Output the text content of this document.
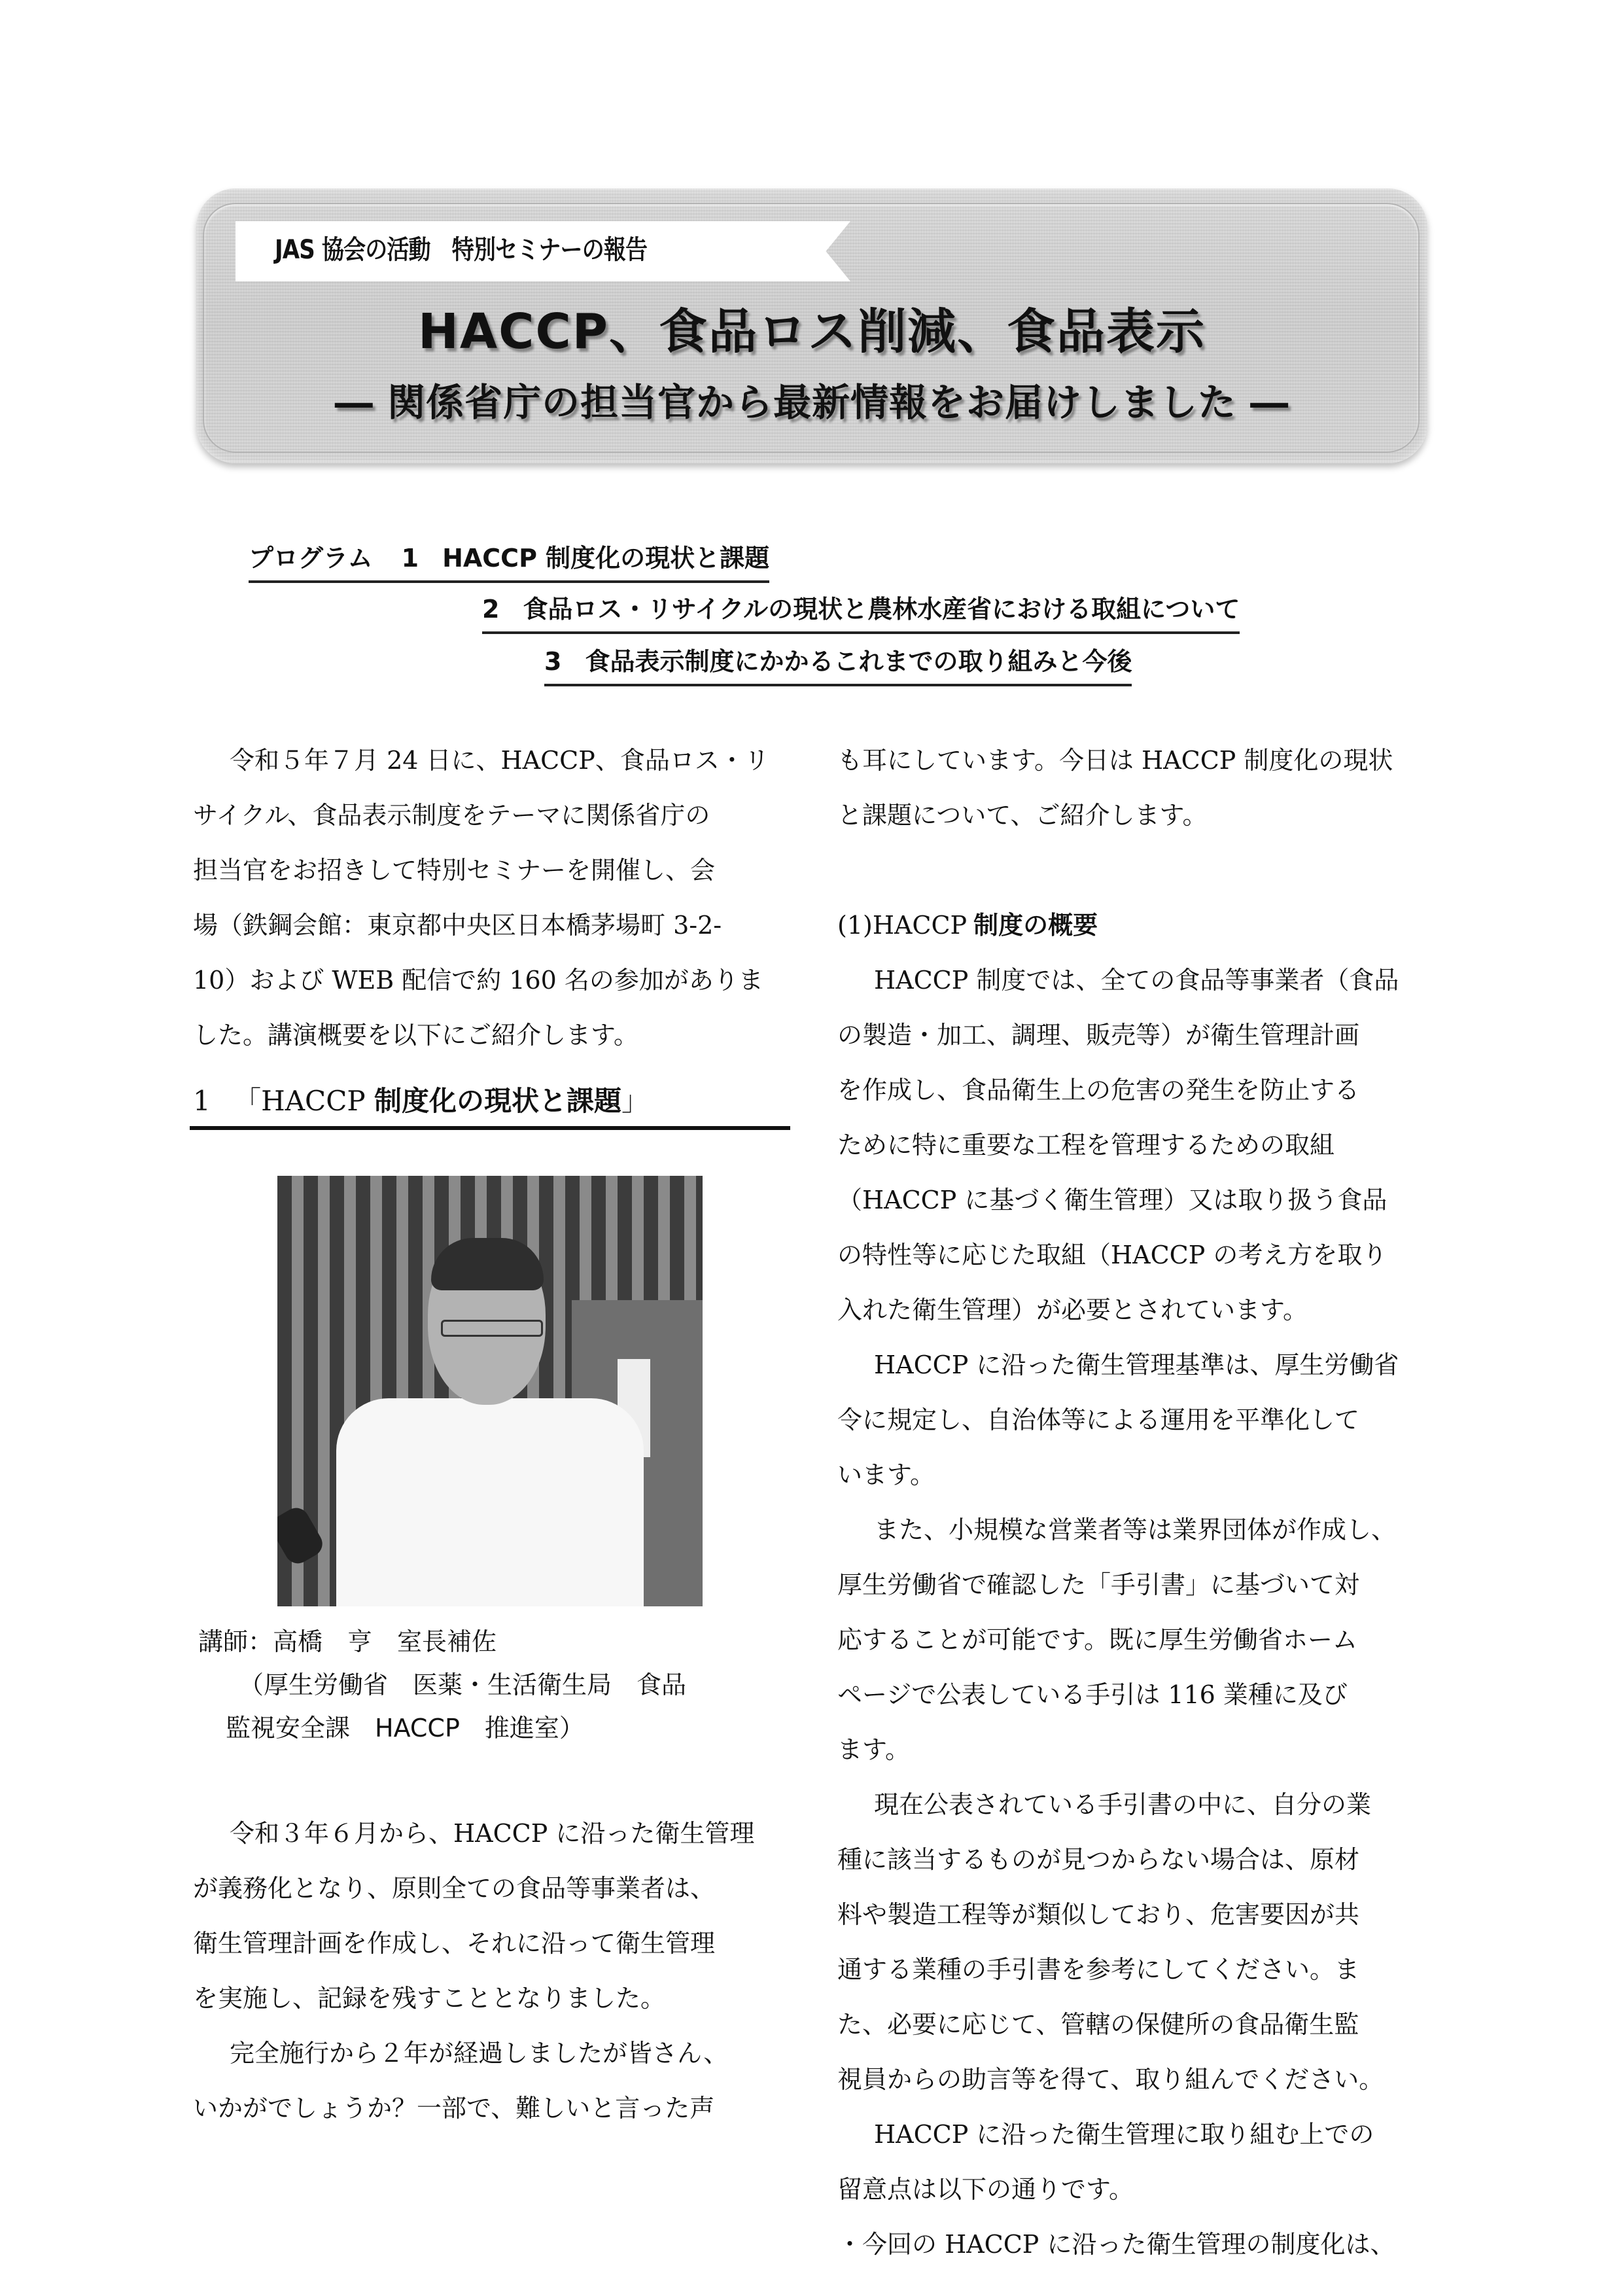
JAS 協会の活動　特別セミナーの報告
HACCP、食品ロス削減、食品表示
― 関係省庁の担当官から最新情報をお届けしました ―
プログラム 1 HACCP 制度化の現状と課題
2 食品ロス・リサイクルの現状と農林水産省における取組について
3 食品表示制度にかかるこれまでの取り組みと今後
令和５年７月 24 日に、HACCP、食品ロス・リ
サイクル、食品表示制度をテーマに関係省庁の
担当官をお招きして特別セミナーを開催し、会
場（鉄鋼会館：東京都中央区日本橋茅場町 3-2-
10）および WEB 配信で約 160 名の参加がありま
した。講演概要を以下にご紹介します。
1 「HACCP 制度化の現状と課題」
講師：高橋　亨　室長補佐
（厚生労働省　医薬・生活衛生局　食品
監視安全課　HACCP　推進室）
令和３年６月から、HACCP に沿った衛生管理
が義務化となり、原則全ての食品等事業者は、
衛生管理計画を作成し、それに沿って衛生管理
を実施し、記録を残すこととなりました。
完全施行から２年が経過しましたが皆さん、
いかがでしょうか？一部で、難しいと言った声
も耳にしています。今日は HACCP 制度化の現状
と課題について、ご紹介します。
(1)HACCP 制度の概要
HACCP 制度では、全ての食品等事業者（食品
の製造・加工、調理、販売等）が衛生管理計画
を作成し、食品衛生上の危害の発生を防止する
ために特に重要な工程を管理するための取組
（HACCP に基づく衛生管理）又は取り扱う食品
の特性等に応じた取組（HACCP の考え方を取り
入れた衛生管理）が必要とされています。
HACCP に沿った衛生管理基準は、厚生労働省
令に規定し、自治体等による運用を平準化して
います。
また、小規模な営業者等は業界団体が作成し、
厚生労働省で確認した「手引書」に基づいて対
応することが可能です。既に厚生労働省ホーム
ページで公表している手引は 116 業種に及び
ます。
現在公表されている手引書の中に、自分の業
種に該当するものが見つからない場合は、原材
料や製造工程等が類似しており、危害要因が共
通する業種の手引書を参考にしてください。ま
た、必要に応じて、管轄の保健所の食品衛生監
視員からの助言等を得て、取り組んでください。
HACCP に沿った衛生管理に取り組む上での
留意点は以下の通りです。
・今回の HACCP に沿った衛生管理の制度化は、
